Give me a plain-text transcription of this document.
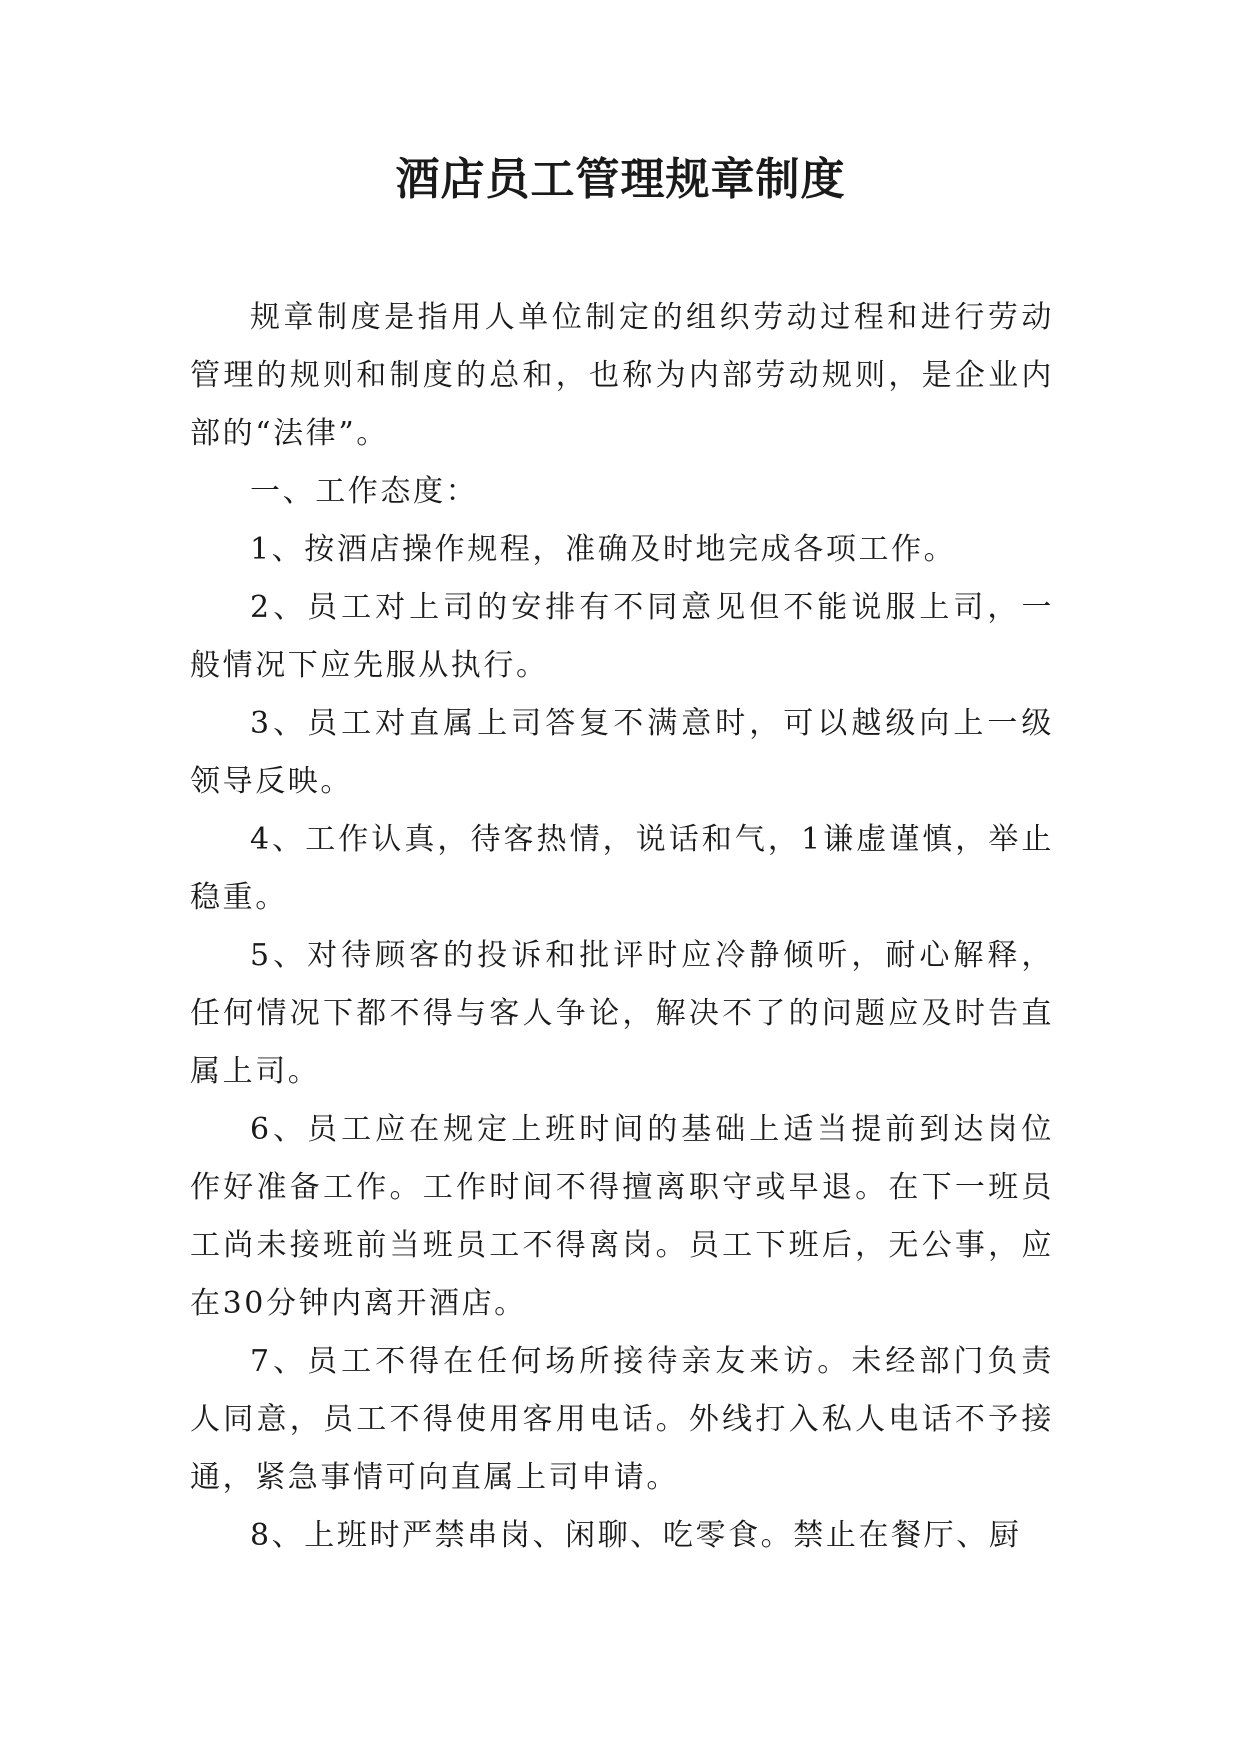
酒店员工管理规章制度

规章制度是指用人单位制定的组织劳动过程和进行劳动管理的规则和制度的总和，也称为内部劳动规则，是企业内部的“法律”。

一、工作态度：

1、按酒店操作规程，准确及时地完成各项工作。

2、员工对上司的安排有不同意见但不能说服上司，一般情况下应先服从执行。

3、员工对直属上司答复不满意时，可以越级向上一级领导反映。

4、工作认真，待客热情，说话和气，1谦虚谨慎，举止稳重。

5、对待顾客的投诉和批评时应冷静倾听，耐心解释，任何情况下都不得与客人争论，解决不了的问题应及时告直属上司。

6、员工应在规定上班时间的基础上适当提前到达岗位作好准备工作。工作时间不得擅离职守或早退。在下一班员工尚未接班前当班员工不得离岗。员工下班后，无公事，应在30分钟内离开酒店。

7、员工不得在任何场所接待亲友来访。未经部门负责人同意，员工不得使用客用电话。外线打入私人电话不予接通，紧急事情可向直属上司申请。

8、上班时严禁串岗、闲聊、吃零食。禁止在餐厅、厨
